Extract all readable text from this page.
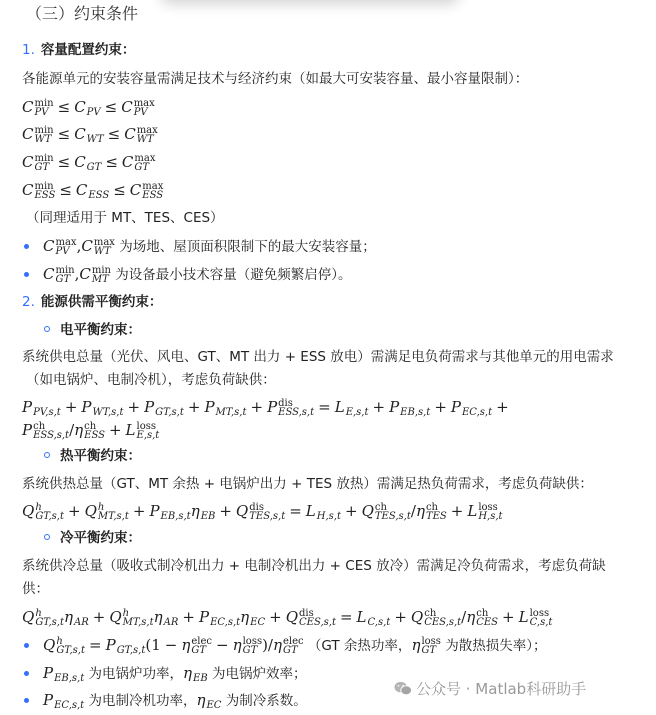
（三）约束条件
1. 容量配置约束：
各能源单元的安装容量需满足技术与经济约束（如最大可安装容量、最小容量限制）：
C min
PV ≤ C
PV ≤ C max
PV
C min
WT ≤ C
WT ≤ C max
WT
C min
GT ≤ C
GT ≤ C max
GT
C min
ESS ≤ C
ESS ≤ C max
ESS
（同理适用于 MT、TES、CES）
C max
PV ,C max
WT 为场地、屋顶面积限制下的最大安装容量；
C min
GT ,C min
MT 为设备最小技术容量（避免频繁启停）。
2. 能源供需平衡约束：
电平衡约束：
系统供电总量（光伏、风电、GT、MT 出力 + ESS 放电）需满足电负荷需求与其他单元的用电需求
（如电锅炉、电制冷机），考虑负荷缺供：
P
PV,s,t + P
WT,s,t + P
GT,s,t + P
MT,s,t + P dis
ESS,s,t = L
E,s,t + P
EB,s,t + P
EC,s,t +
P ch
ESS,s,t /η ch
ESS + L loss
E,s,t
热平衡约束：
系统供热总量（GT、MT 余热 + 电锅炉出力 + TES 放热）需满足热负荷需求，考虑负荷缺供：
Q h
GT,s,t + Q h
MT,s,t + P
EB,s,t η
EB + Q dis
TES,s,t = L
H,s,t + Q ch
TES,s,t /η ch
TES + L loss
H,s,t
冷平衡约束：
系统供冷总量（吸收式制冷机出力 + 电制冷机出力 + CES 放冷）需满足冷负荷需求，考虑负荷缺
供：
Q h
GT,s,t η
AR + Q h
MT,s,t η
AR + P
EC,s,t η
EC + Q dis
CES,s,t = L
C,s,t + Q ch
CES,s,t /η ch
CES + L loss
C,s,t
Q h
GT,s,t = P
GT,s,t (1 − η elec
GT − η loss
GT )/η elec
GT （GT 余热功率，η loss
GT 为散热损失率）；
P
EB,s,t 为电锅炉功率，η
EB 为电锅炉效率；
P
EC,s,t 为电制冷机功率，η
EC 为制冷系数。
公众号 · Matlab科研助手
